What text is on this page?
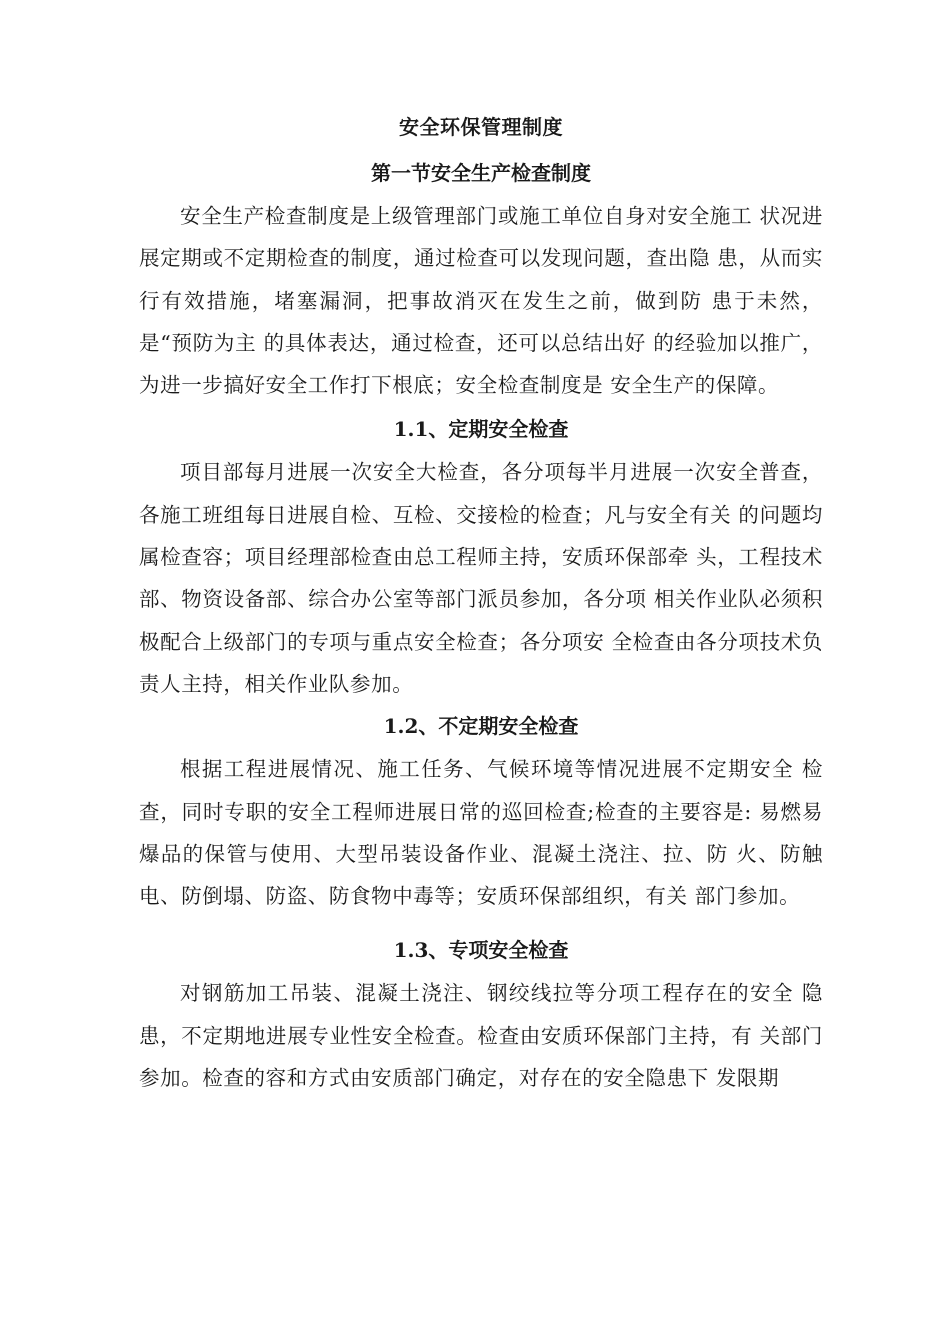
安全环保管理制度
第一节安全生产检查制度

安全生产检查制度是上级管理部门或施工单位自身对安全施工 状况进展定期或不定期检查的制度，通过检查可以发现问题，查出隐 患，从而实行有效措施，堵塞漏洞，把事故消灭在发生之前，做到防 患于未然，是“预防为主 的具体表达，通过检查，还可以总结出好 的经验加以推广，为进一步搞好安全工作打下根底；安全检查制度是 安全生产的保障。

1.1、定期安全检查

项目部每月进展一次安全大检查，各分项每半月进展一次安全普查，各施工班组每日进展自检、互检、交接检的检查；凡与安全有关 的问题均属检查容；项目经理部检查由总工程师主持，安质环保部牵 头，工程技术部、物资设备部、综合办公室等部门派员参加，各分项 相关作业队必须积极配合上级部门的专项与重点安全检查；各分项安 全检查由各分项技术负责人主持，相关作业队参加。

1.2、不定期安全检查

根据工程进展情况、施工任务、气候环境等情况进展不定期安全 检查，同时专职的安全工程师进展日常的巡回检查;检查的主要容是: 易燃易爆品的保管与使用、大型吊装设备作业、混凝土浇注、拉、防 火、防触电、防倒塌、防盗、防食物中毒等；安质环保部组织，有关 部门参加。

1.3、专项安全检查

对钢筋加工吊装、混凝土浇注、钢绞线拉等分项工程存在的安全 隐患，不定期地进展专业性安全检查。检查由安质环保部门主持，有 关部门参加。检查的容和方式由安质部门确定，对存在的安全隐患下 发限期
